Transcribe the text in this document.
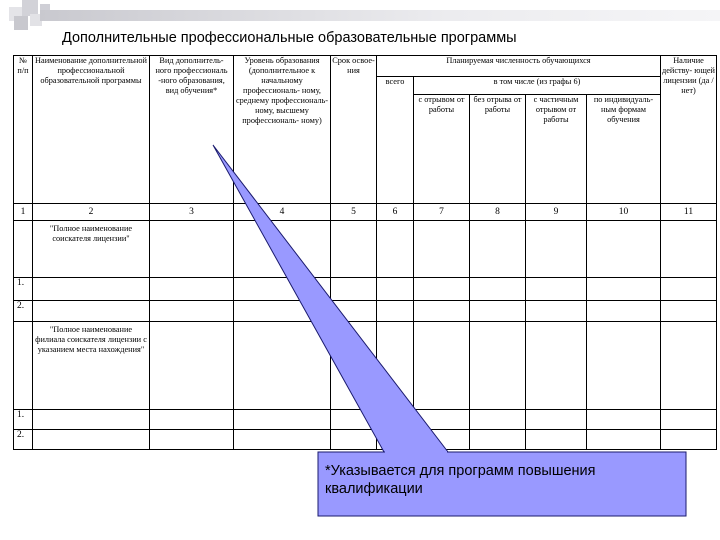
Дополнительные профессиональные образовательные программы
№ п/п	Наименование дополнительной профессиональной образовательной программы	Вид дополнитель- ного профессиональ -ного образования, вид обучения*	Уровень образования (дополнительное к начальному профессиональ- ному, среднему профессиональ- ному, высшему профессиональ- ному)	Срок освое- ния	Планируемая численность обучающихся					Наличие действу- ющей лицензии (да / нет)
					всего	в том числе (из графы 6)				
						с отрывом от работы	без отрыва от работы	с частичным отрывом от работы	по индивидуаль- ным формам обучения	
1	2	3	4	5	6	7	8	9	10	11
	"Полное наименование соискателя лицензии"									
1.										
2.										
	"Полное наименование филиала соискателя лицензии с указанием места нахождения"									
1.										
2.										
*Указывается для программ повышения квалификации
